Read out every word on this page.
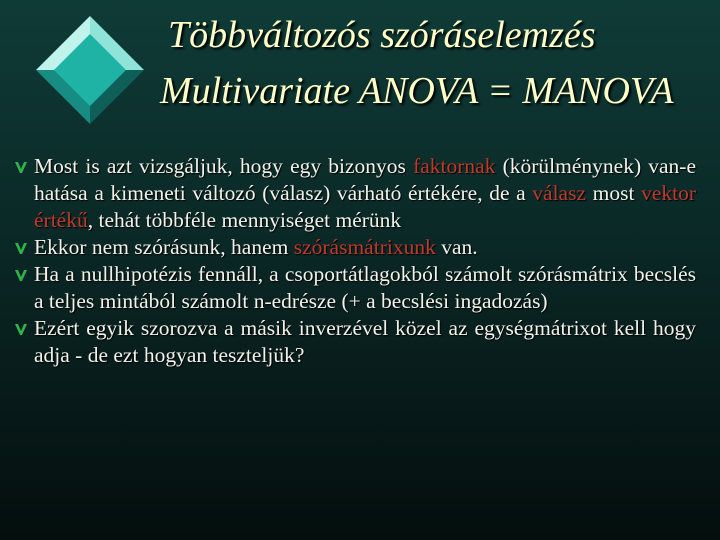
Többváltozós szóráselemzés

Multivariate ANOVA = MANOVA

Most is azt vizsgáljuk, hogy egy bizonyos faktornak (körülménynek) van-e hatása a kimeneti változó (válasz) várható értékére, de a válasz most vektor értékű, tehát többféle mennyiséget mérünk
Ekkor nem szórásunk, hanem szórásmátrixunk van.
Ha a nullhipotézis fennáll, a csoportátlagokból számolt szórásmátrix becslés a teljes mintából számolt n-edrésze (+ a becslési ingadozás)
Ezért egyik szorozva a másik inverzével közel az egységmátrixot kell hogy adja - de ezt hogyan teszteljük?
